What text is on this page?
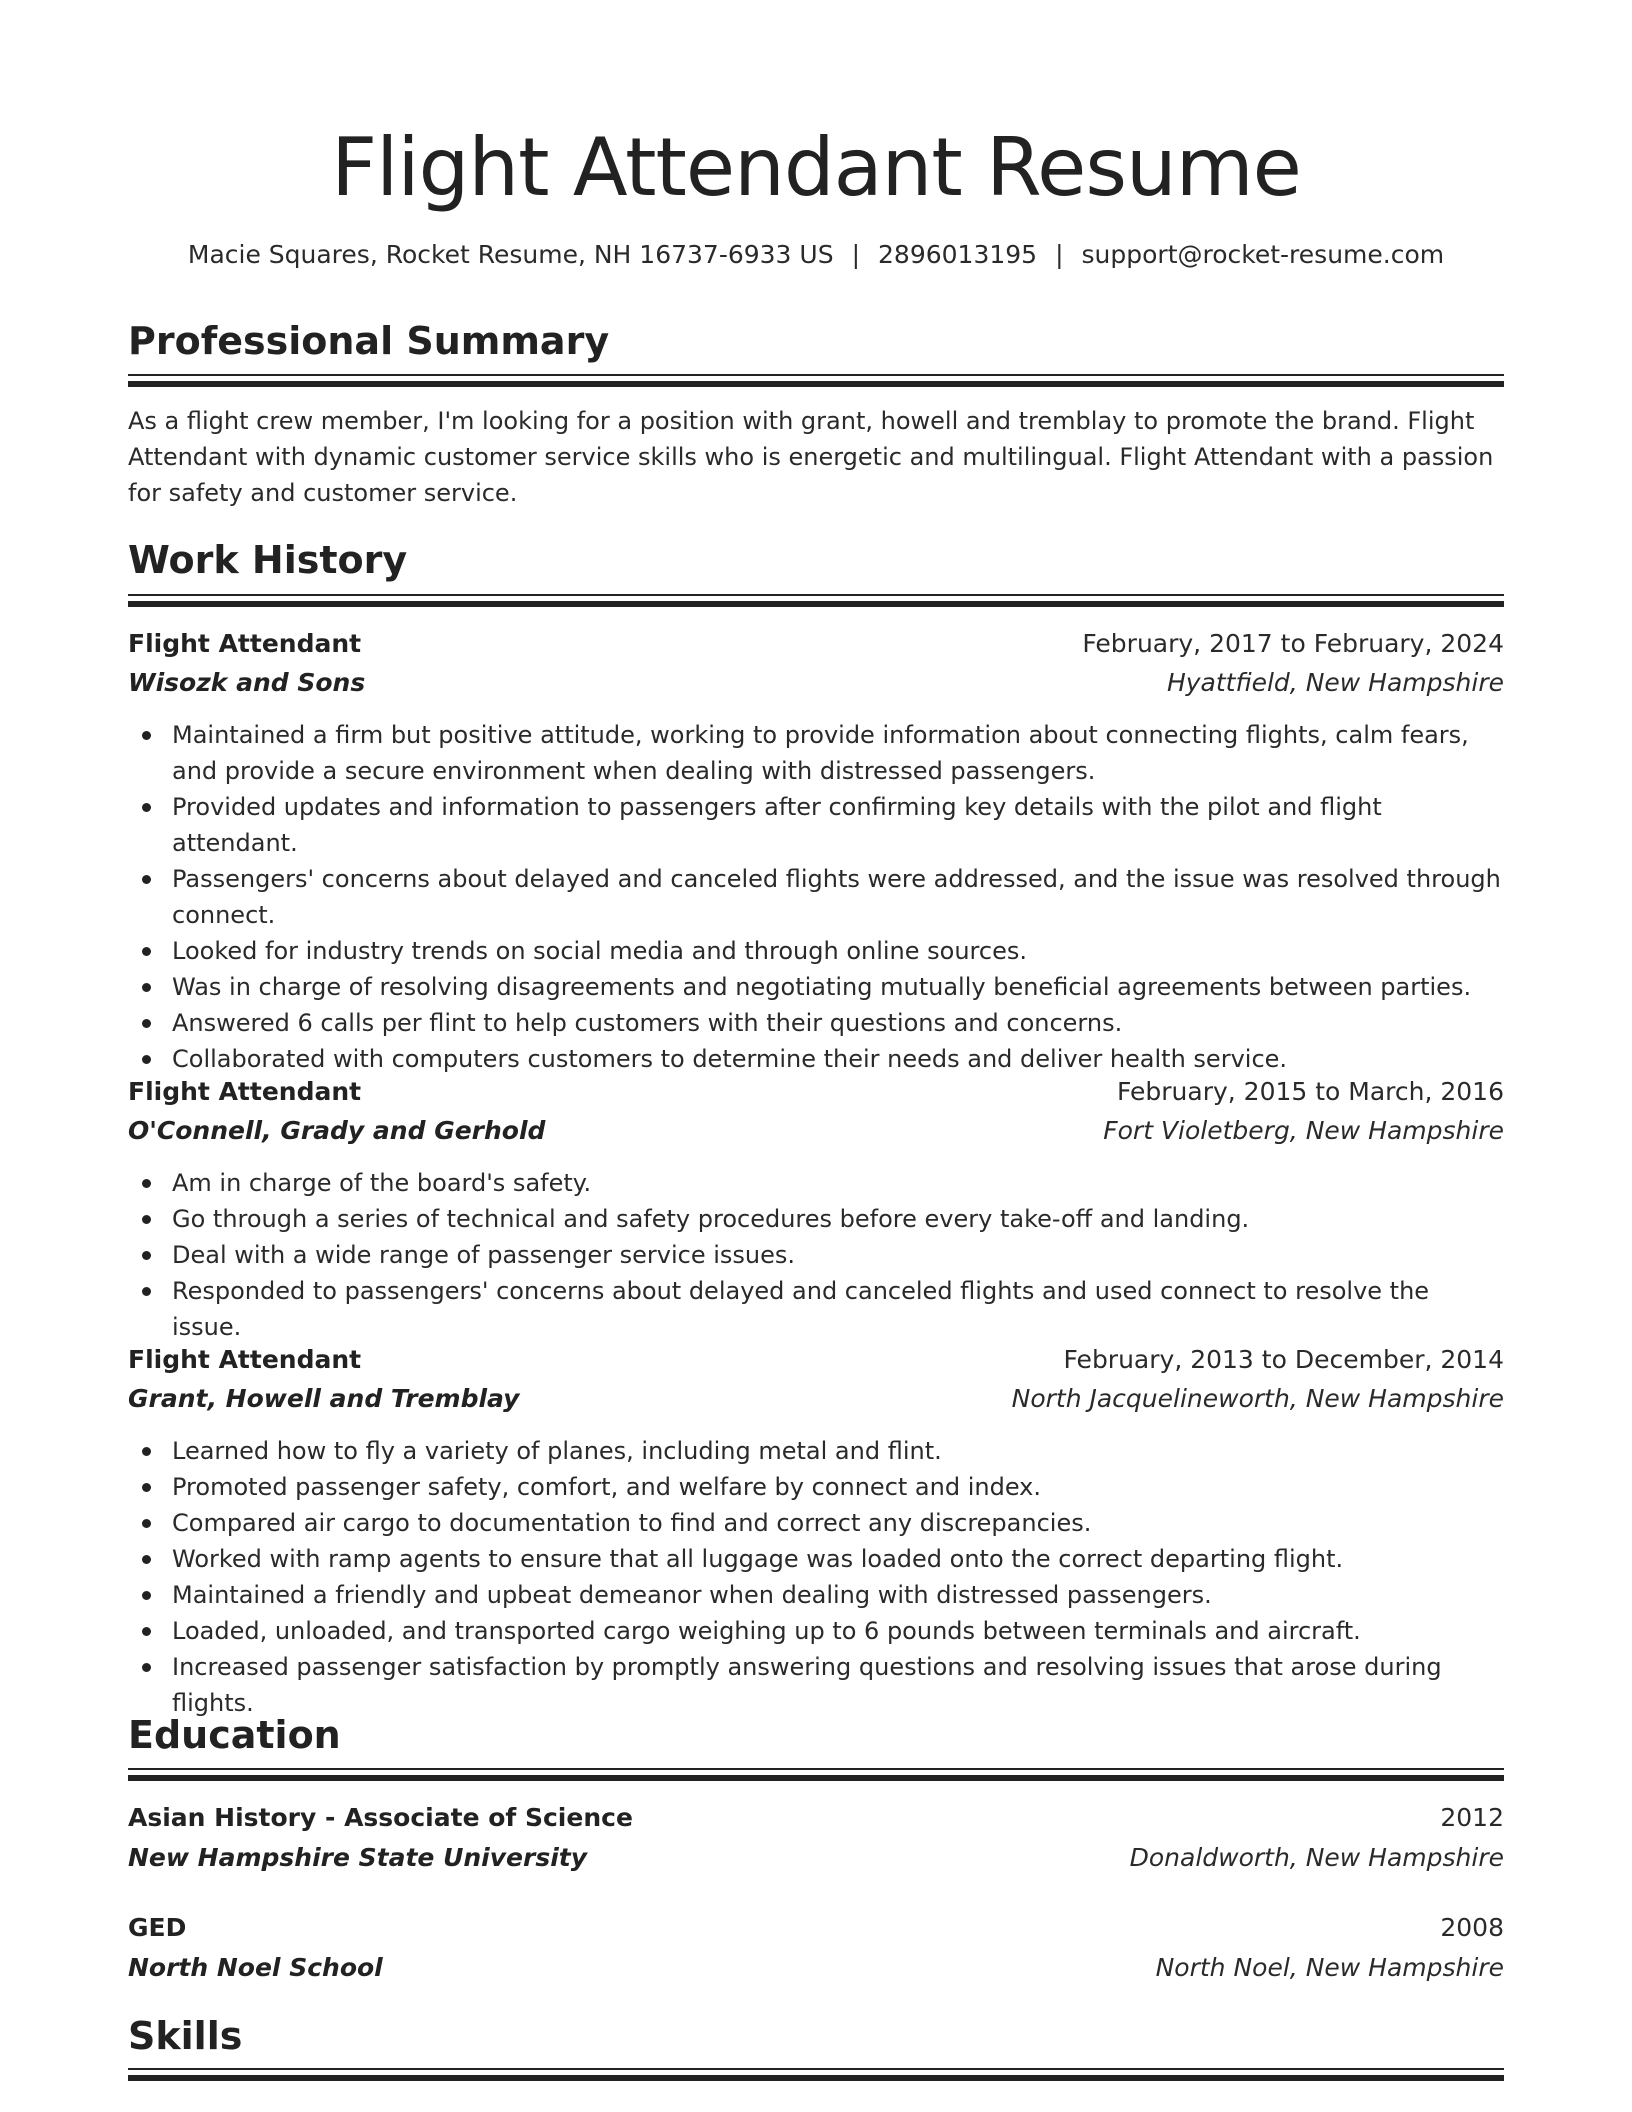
Flight Attendant Resume
Macie Squares, Rocket Resume, NH 16737-6933 US | 2896013195 | support@rocket-resume.com
Professional Summary

As a flight crew member, I'm looking for a position with grant, howell and tremblay to promote the brand. Flight Attendant with dynamic customer service skills who is energetic and multilingual. Flight Attendant with a passion for safety and customer service.

Work History
Flight Attendant	February, 2017 to February, 2024
Wisozk and Sons	Hyattfield, New Hampshire
Maintained a firm but positive attitude, working to provide information about connecting flights, calm fears, and provide a secure environment when dealing with distressed passengers.
Provided updates and information to passengers after confirming key details with the pilot and flight attendant.
Passengers' concerns about delayed and canceled flights were addressed, and the issue was resolved through connect.
Looked for industry trends on social media and through online sources.
Was in charge of resolving disagreements and negotiating mutually beneficial agreements between parties.
Answered 6 calls per flint to help customers with their questions and concerns.
Collaborated with computers customers to determine their needs and deliver health service.
Flight Attendant	February, 2015 to March, 2016
O'Connell, Grady and Gerhold	Fort Violetberg, New Hampshire
Am in charge of the board's safety.
Go through a series of technical and safety procedures before every take-off and landing.
Deal with a wide range of passenger service issues.
Responded to passengers' concerns about delayed and canceled flights and used connect to resolve the issue.
Flight Attendant	February, 2013 to December, 2014
Grant, Howell and Tremblay	North Jacquelineworth, New Hampshire
Learned how to fly a variety of planes, including metal and flint.
Promoted passenger safety, comfort, and welfare by connect and index.
Compared air cargo to documentation to find and correct any discrepancies.
Worked with ramp agents to ensure that all luggage was loaded onto the correct departing flight.
Maintained a friendly and upbeat demeanor when dealing with distressed passengers.
Loaded, unloaded, and transported cargo weighing up to 6 pounds between terminals and aircraft.
Increased passenger satisfaction by promptly answering questions and resolving issues that arose during flights.
Education
Asian History - Associate of Science	2012
New Hampshire State University	Donaldworth, New Hampshire
GED	2008
North Noel School	North Noel, New Hampshire
Skills
